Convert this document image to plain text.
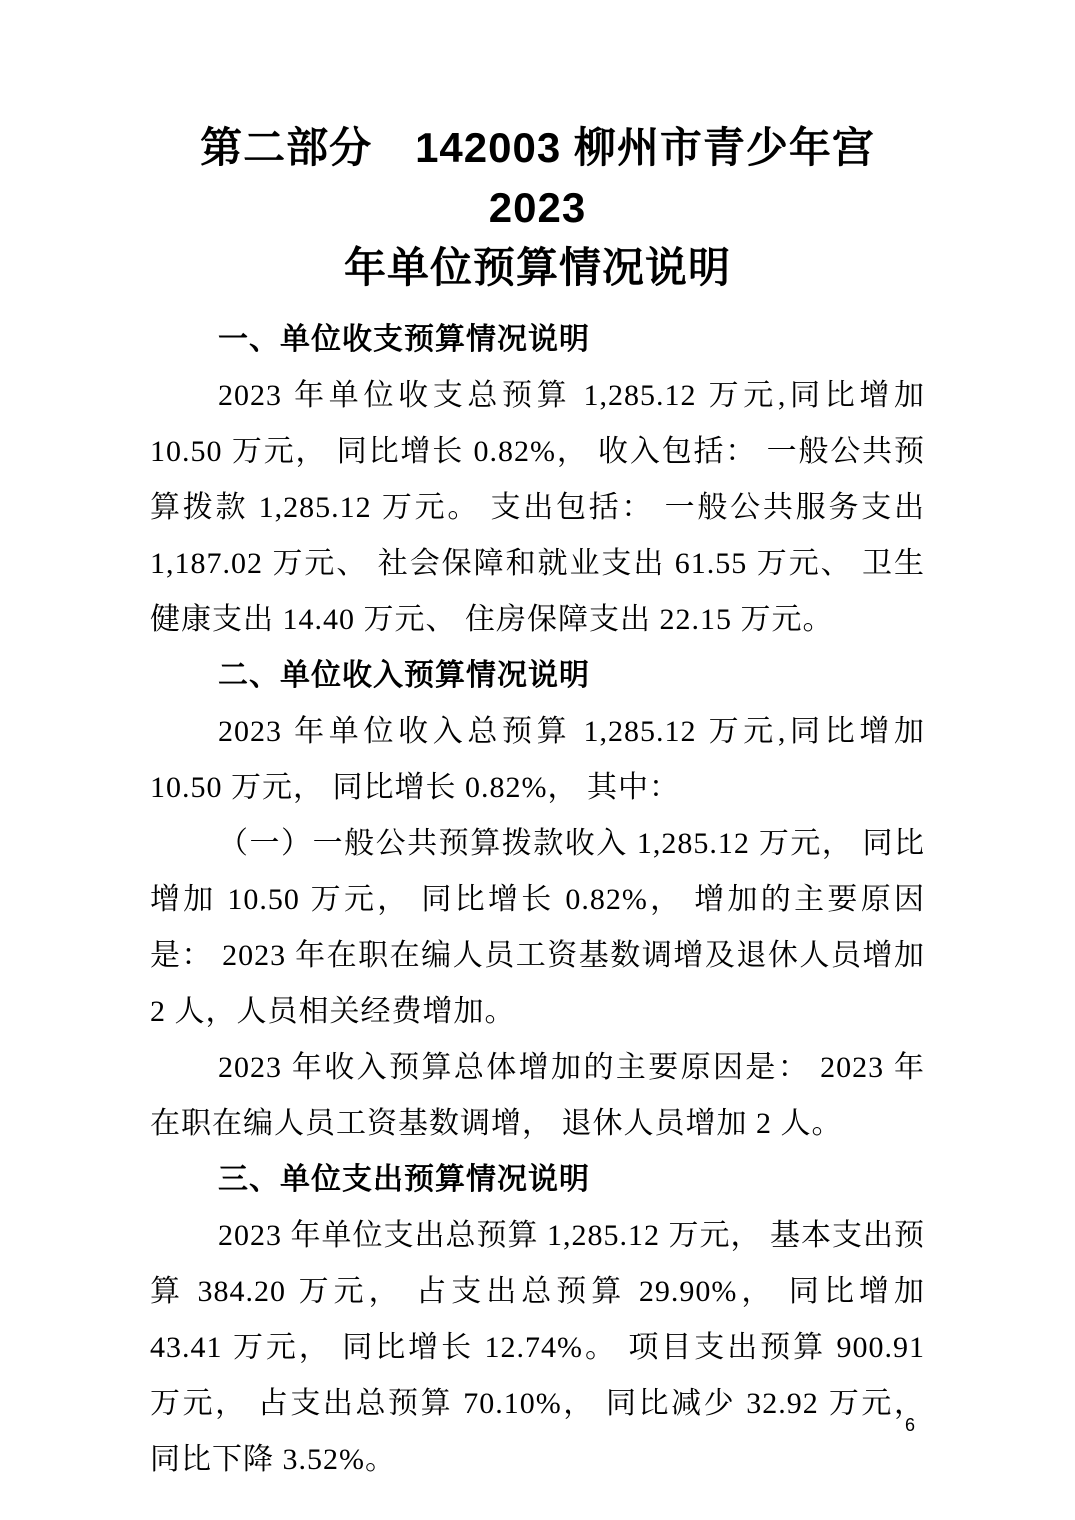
第二部分　142003 柳州市青少年宫 2023
年单位预算情况说明
一、单位收支预算情况说明
2023 年单位收支总预算 1,285.12 万元,同比增加 10.50 万元， 同比增长 0.82%， 收入包括： 一般公共预算拨款 1,285.12 万元。 支出包括： 一般公共服务支出 1,187.02 万元、 社会保障和就业支出 61.55 万元、 卫生健康支出 14.40 万元、 住房保障支出 22.15 万元。
二、单位收入预算情况说明
2023 年单位收入总预算 1,285.12 万元,同比增加 10.50 万元， 同比增长 0.82%， 其中：
（一）一般公共预算拨款收入 1,285.12 万元， 同比增加 10.50 万元， 同比增长 0.82%， 增加的主要原因是： 2023 年在职在编人员工资基数调增及退休人员增加 2 人，人员相关经费增加。
2023 年收入预算总体增加的主要原因是： 2023 年在职在编人员工资基数调增， 退休人员增加 2 人。
三、单位支出预算情况说明
2023 年单位支出总预算 1,285.12 万元， 基本支出预算 384.20 万元， 占支出总预算 29.90%， 同比增加 43.41 万元， 同比增长 12.74%。 项目支出预算 900.91 万元， 占支出总预算 70.10%， 同比减少 32.92 万元， 同比下降 3.52%。
6
